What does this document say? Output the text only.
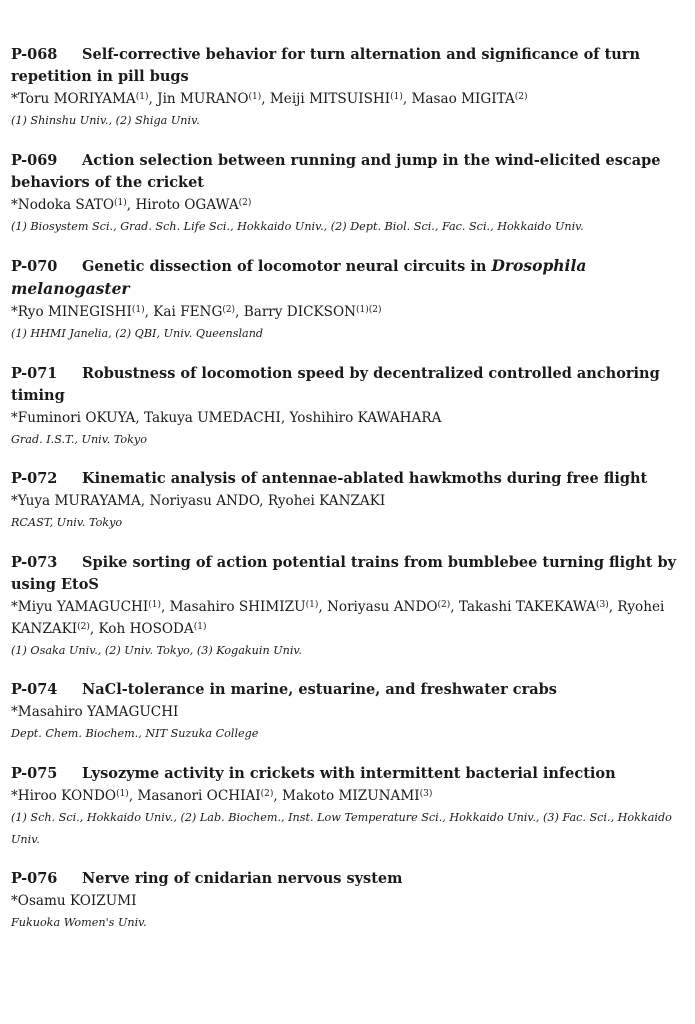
P-068 Self-corrective behavior for turn alternation and significance of turn repetition in pill bugs

*Toru MORIYAMA$^{(1)}$, Jin MURANO$^{(1)}$, Meiji MITSUISHI$^{(1)}$, Masao MIGITA$^{(2)}$

(1) Shinshu Univ., (2) Shiga Univ.

P-069 Action selection between running and jump in the wind-elicited escape behaviors of the cricket

*Nodoka SATO$^{(1)}$, Hiroto OGAWA$^{(2)}$

(1) Biosystem Sci., Grad. Sch. Life Sci., Hokkaido Univ., (2) Dept. Biol. Sci., Fac. Sci., Hokkaido Univ.

P-070 Genetic dissection of locomotor neural circuits in Drosophila melanogaster

*Ryo MINEGISHI$^{(1)}$, Kai FENG$^{(2)}$, Barry $DICKSON^{(1)(2)}$

(1) HHMI Janelia, (2) QBI, Univ. Queensland

P-071 Robustness of locomotion speed by decentralized controlled anchoring timing

*Fuminori OKUYA, Takuya UMEDACHI, Yoshihiro KAWAHARA

Grad. I.S.T., Univ. Tokyo

P-072 Kinematic analysis of antennae-ablated hawkmoths during free flight

*Yuya MURAYAMA, Noriyasu ANDO, Ryohei KANZAKI

RCAST, Univ. Tokyo

P-073 Spike sorting of action potential trains from bumblebee turning flight by using EtoS

*Miyu YAMAGUCHI$^{(1)}$, Masahiro SHIMIZU$^{(1)}$, Noriyasu ANDO$^{(2)}$, Takashi TAKEKAWA$^{(3)}$, Ryohei KANZAKI$^{(2)}$, Koh HOSODA$^{(1)}$

(1) Osaka Univ., (2) Univ. Tokyo, (3) Kogakuin Univ.

P-074 NaCl-tolerance in marine, estuarine, and freshwater crabs

*Masahiro YAMAGUCHI

Dept. Chem. Biochem., NIT Suzuka College

P-075 Lysozyme activity in crickets with intermittent bacterial infection

*Hiroo KONDO$^{(1)}$, Masanori OCHIAI$^{(2)}$, Makoto MIZUNAMI$^{(3)}$

(1) Sch. Sci., Hokkaido Univ., (2) Lab. Biochem., Inst. Low Temperature Sci., Hokkaido Univ., (3) Fac. Sci., Hokkaido Univ.

P-076 Nerve ring of cnidarian nervous system

*Osamu KOIZUMI

Fukuoka Women's Univ.
